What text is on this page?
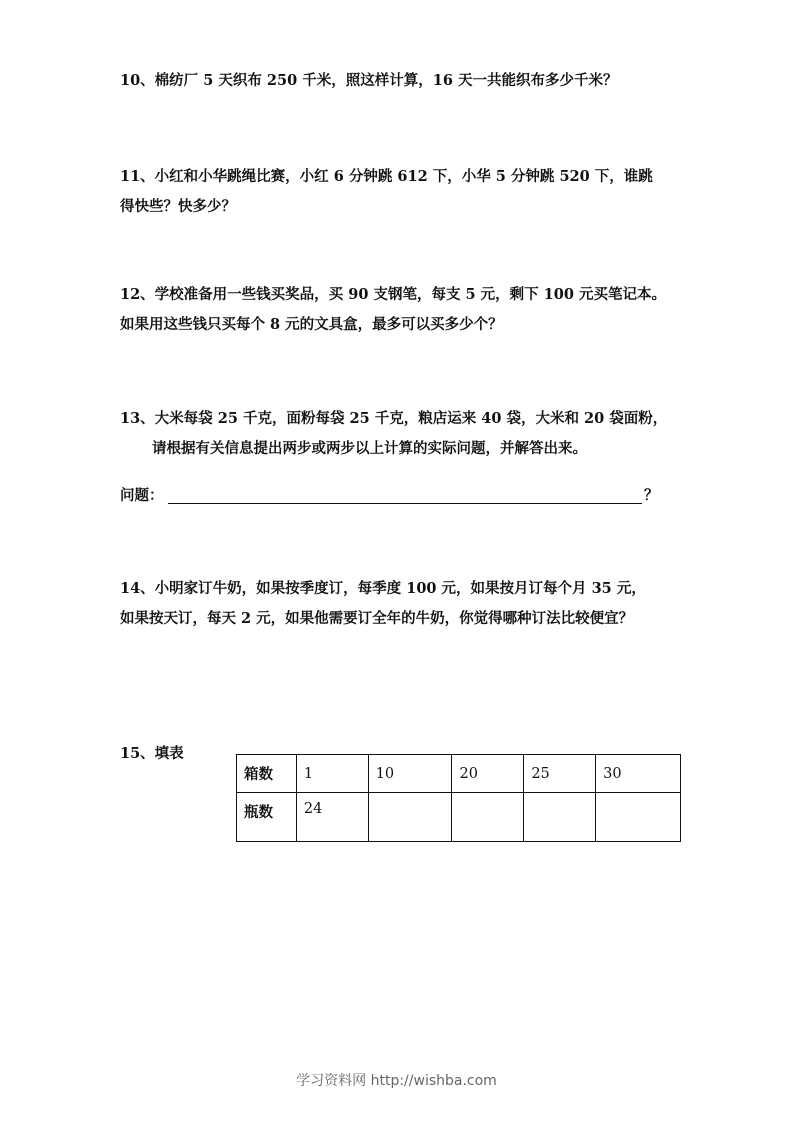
10、棉纺厂 5 天织布 250 千米，照这样计算，16 天一共能织布多少千米？

11、小红和小华跳绳比赛，小红 6 分钟跳 612 下，小华 5 分钟跳 520 下，谁跳
得快些？快多少？

12、学校准备用一些钱买奖品，买 90 支钢笔，每支 5 元，剩下 100 元买笔记本。
如果用这些钱只买每个 8 元的文具盒，最多可以买多少个？

13、大米每袋 25 千克，面粉每袋 25 千克，粮店运来 40 袋，大米和 20 袋面粉，
请根据有关信息提出两步或两步以上计算的实际问题，并解答出来。

问题：	？

14、小明家订牛奶，如果按季度订，每季度 100 元，如果按月订每个月 35 元，
如果按天订，每天 2 元，如果他需要订全年的牛奶，你觉得哪种订法比较便宜？

15、填表
箱数	1	10	20	25	30
瓶数	24				
学习资料网 http://wishba.com
